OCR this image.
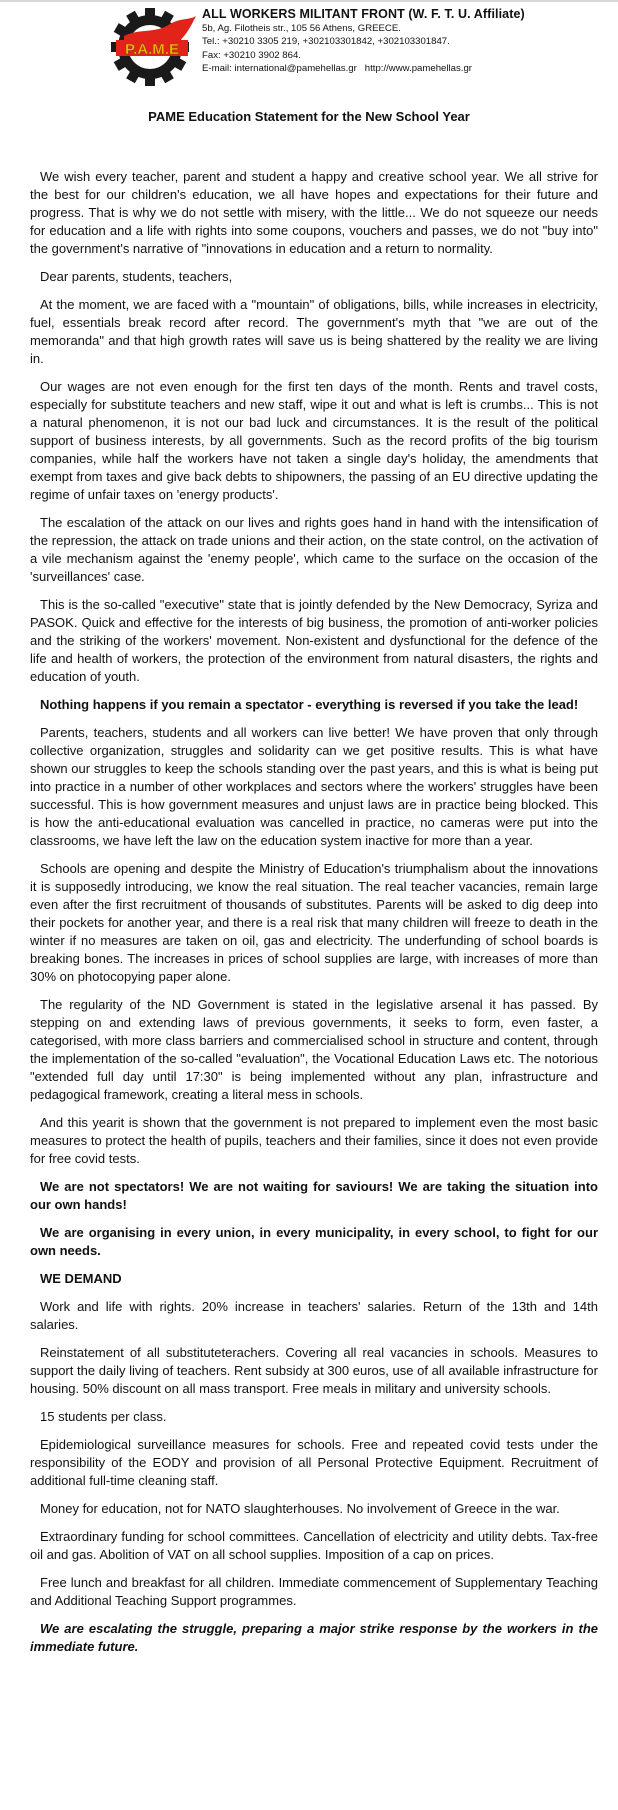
P.A.M.E
ALL WORKERS MILITANT FRONT (W. F. T. U. Affiliate)
5b, Ag. Filotheis str., 105 56 Athens, GREECE.
Tel.: +30210 3305 219, +302103301842, +302103301847.
Fax: +30210 3902 864.
E-mail: international@pamehellas.gr http://www.pamehellas.gr
PAME Education Statement for the New School Year

We wish every teacher, parent and student a happy and creative school year. We all strive for the best for our children's education, we all have hopes and expectations for their future and progress. That is why we do not settle with misery, with the little... We do not squeeze our needs for education and a life with rights into some coupons, vouchers and passes, we do not "buy into" the government's narrative of "innovations in education and a return to normality.

Dear parents, students, teachers,

At the moment, we are faced with a "mountain" of obligations, bills, while increases in electricity, fuel, essentials break record after record. The government's myth that "we are out of the memoranda" and that high growth rates will save us is being shattered by the reality we are living in.

Our wages are not even enough for the first ten days of the month. Rents and travel costs, especially for substitute teachers and new staff, wipe it out and what is left is crumbs... This is not a natural phenomenon, it is not our bad luck and circumstances. It is the result of the political support of business interests, by all governments. Such as the record profits of the big tourism companies, while half the workers have not taken a single day's holiday, the amendments that exempt from taxes and give back debts to shipowners, the passing of an EU directive updating the regime of unfair taxes on 'energy products'.

The escalation of the attack on our lives and rights goes hand in hand with the intensification of the repression, the attack on trade unions and their action, on the state control, on the activation of a vile mechanism against the 'enemy people', which came to the surface on the occasion of the 'surveillances' case.

This is the so-called "executive" state that is jointly defended by the New Democracy, Syriza and PASOK. Quick and effective for the interests of big business, the promotion of anti-worker policies and the striking of the workers' movement. Non-existent and dysfunctional for the defence of the life and health of workers, the protection of the environment from natural disasters, the rights and education of youth.

Nothing happens if you remain a spectator - everything is reversed if you take the lead!

Parents, teachers, students and all workers can live better! We have proven that only through collective organization, struggles and solidarity can we get positive results. This is what have shown our struggles to keep the schools standing over the past years, and this is what is being put into practice in a number of other workplaces and sectors where the workers' struggles have been successful. This is how government measures and unjust laws are in practice being blocked. This is how the anti-educational evaluation was cancelled in practice, no cameras were put into the classrooms, we have left the law on the education system inactive for more than a year.

Schools are opening and despite the Ministry of Education's triumphalism about the innovations it is supposedly introducing, we know the real situation. The real teacher vacancies, remain large even after the first recruitment of thousands of substitutes. Parents will be asked to dig deep into their pockets for another year, and there is a real risk that many children will freeze to death in the winter if no measures are taken on oil, gas and electricity. The underfunding of school boards is breaking bones. The increases in prices of school supplies are large, with increases of more than 30% on photocopying paper alone.

The regularity of the ND Government is stated in the legislative arsenal it has passed. By stepping on and extending laws of previous governments, it seeks to form, even faster, a categorised, with more class barriers and commercialised school in structure and content, through the implementation of the so-called "evaluation", the Vocational Education Laws etc. The notorious "extended full day until 17:30" is being implemented without any plan, infrastructure and pedagogical framework, creating a literal mess in schools.

And this yearit is shown that the government is not prepared to implement even the most basic measures to protect the health of pupils, teachers and their families, since it does not even provide for free covid tests.

We are not spectators! We are not waiting for saviours! We are taking the situation into our own hands!

We are organising in every union, in every municipality, in every school, to fight for our own needs.

WE DEMAND

Work and life with rights. 20% increase in teachers' salaries. Return of the 13th and 14th salaries.

Reinstatement of all substituteterachers. Covering all real vacancies in schools. Measures to support the daily living of teachers. Rent subsidy at 300 euros, use of all available infrastructure for housing. 50% discount on all mass transport. Free meals in military and university schools.

15 students per class.

Epidemiological surveillance measures for schools. Free and repeated covid tests under the responsibility of the EODY and provision of all Personal Protective Equipment. Recruitment of additional full-time cleaning staff.

Money for education, not for NATO slaughterhouses. No involvement of Greece in the war.

Extraordinary funding for school committees. Cancellation of electricity and utility debts. Tax-free oil and gas. Abolition of VAT on all school supplies. Imposition of a cap on prices.

Free lunch and breakfast for all children. Immediate commencement of Supplementary Teaching and Additional Teaching Support programmes.

We are escalating the struggle, preparing a major strike response by the workers in the immediate future.
